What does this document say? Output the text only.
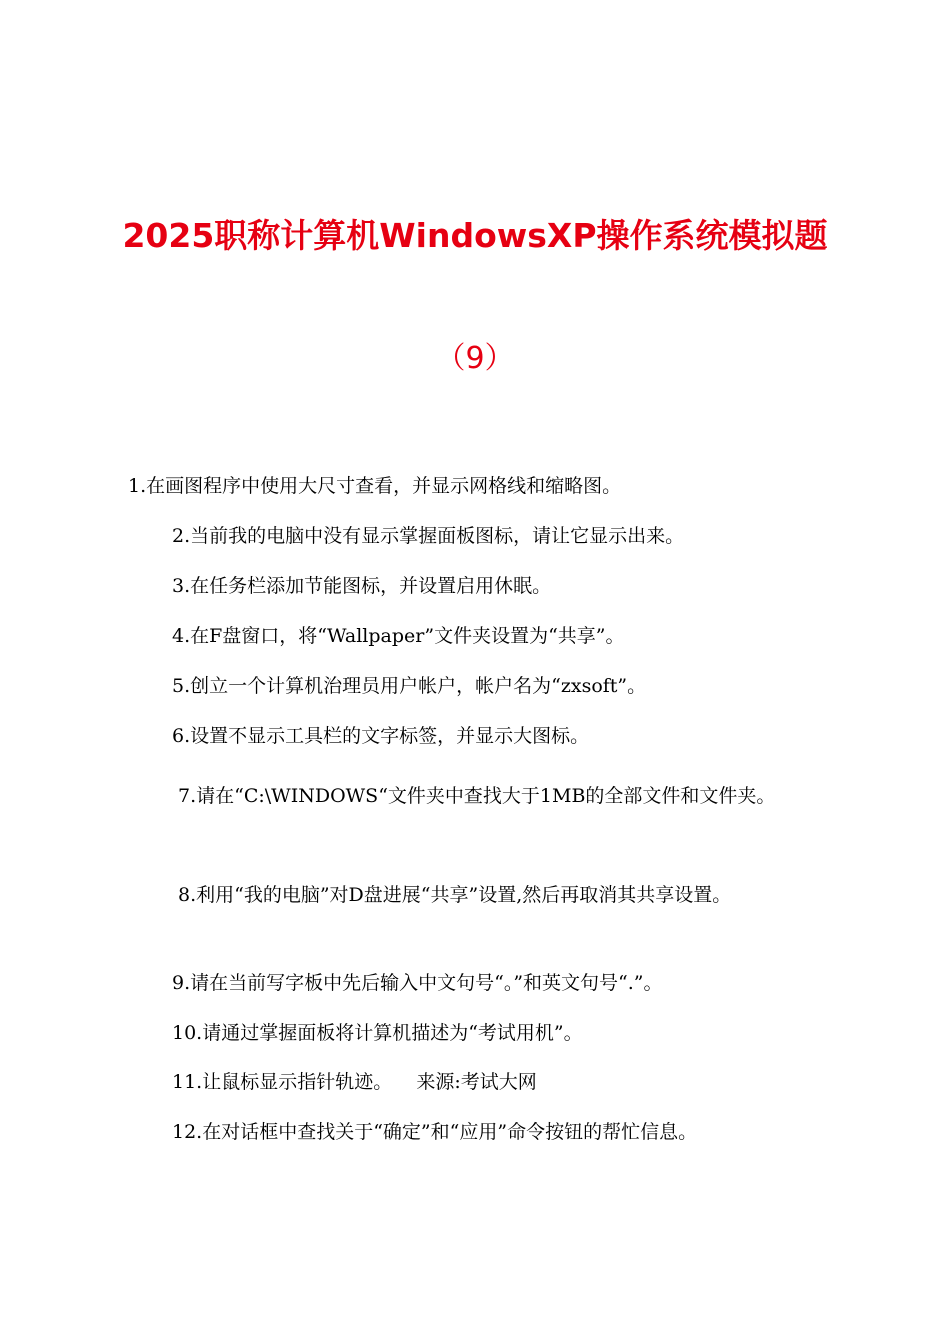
2025职称计算机WindowsXP操作系统模拟题
（9）
1.在画图程序中使用大尺寸查看，并显示网格线和缩略图。
2.当前我的电脑中没有显示掌握面板图标，请让它显示出来。
3.在任务栏添加节能图标，并设置启用休眠。
4.在F盘窗口，将“Wallpaper”文件夹设置为“共享”。
5.创立一个计算机治理员用户帐户，帐户名为“zxsoft”。
6.设置不显示工具栏的文字标签，并显示大图标。
7.请在“C:\WINDOWS“文件夹中查找大于1MB的全部文件和文件夹。
8.利用“我的电脑”对D盘进展“共享”设置,然后再取消其共享设置。
9.请在当前写字板中先后输入中文句号“。”和英文句号“.”。
10.请通过掌握面板将计算机描述为“考试用机”。
11.让鼠标显示指针轨迹。    来源:考试大网
12.在对话框中查找关于“确定”和“应用”命令按钮的帮忙信息。
